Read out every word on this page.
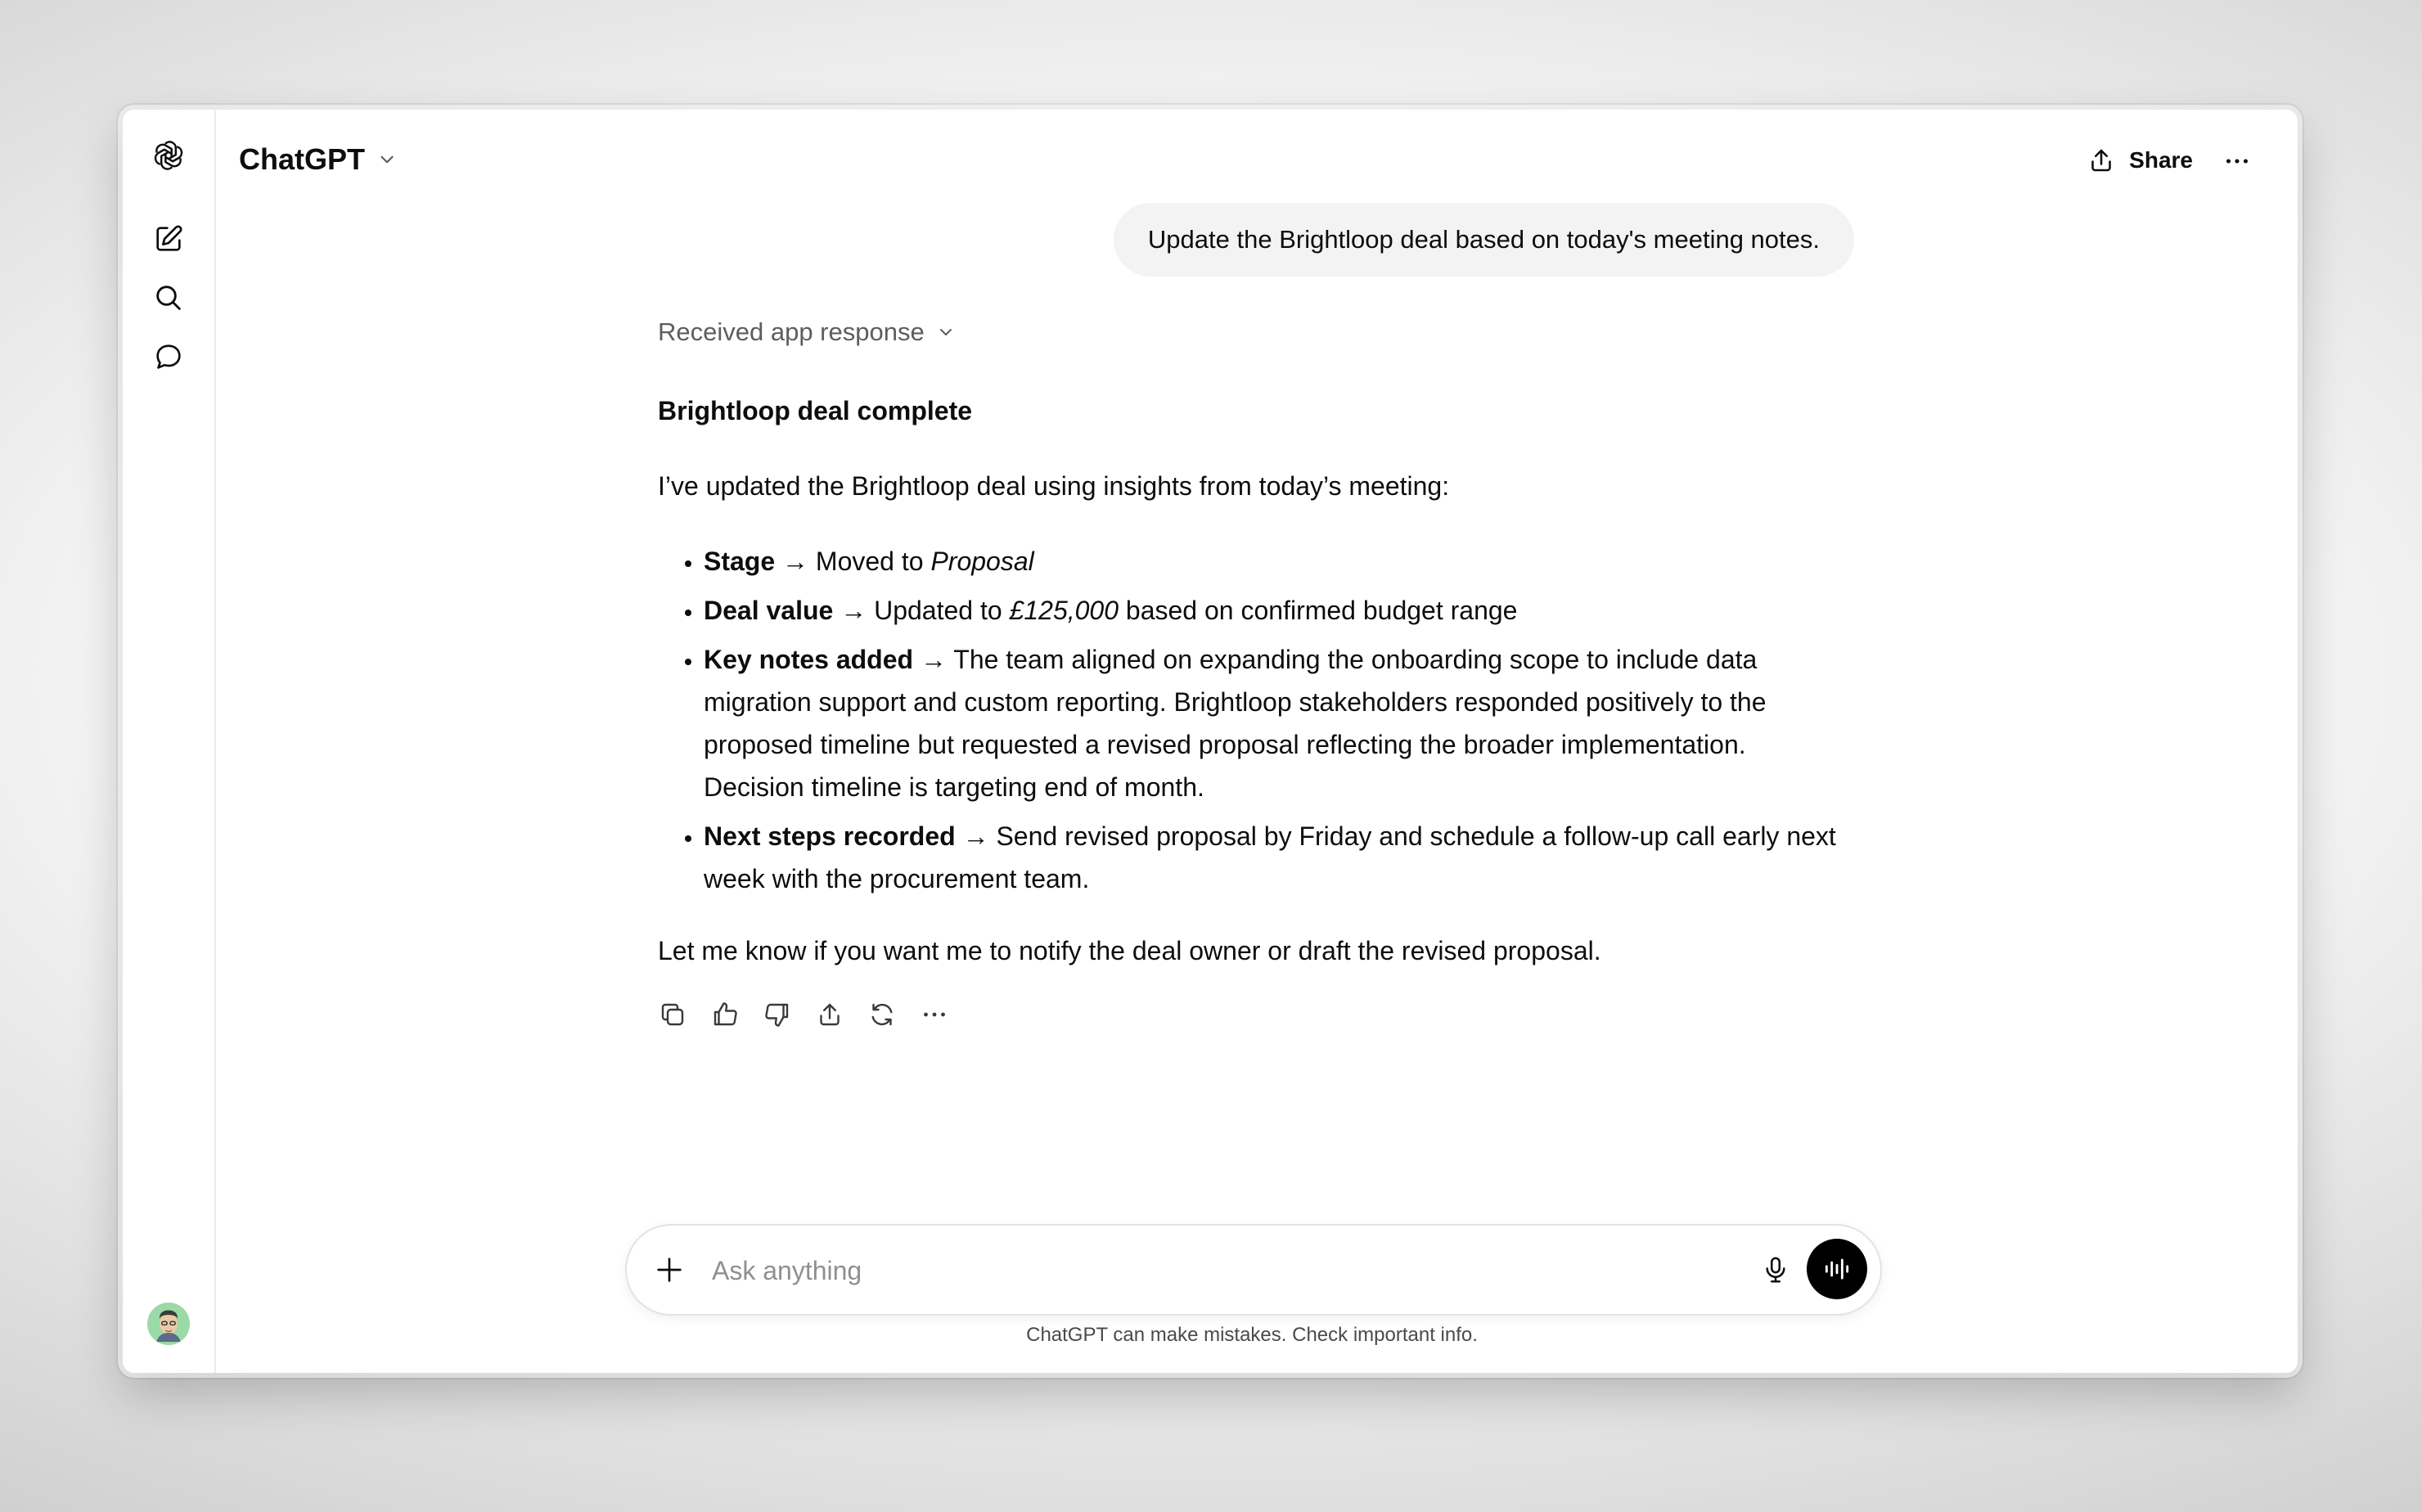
ChatGPT	Share
Update the Brightloop deal based on today's meeting notes.
Received app response

Brightloop deal complete

I’ve updated the Brightloop deal using insights from today’s meeting:

• Stage → Moved to Proposal
• Deal value → Updated to £125,000 based on confirmed budget range
• Key notes added → The team aligned on expanding the onboarding scope to include data migration support and custom reporting. Brightloop stakeholders responded positively to the proposed timeline but requested a revised proposal reflecting the broader implementation. Decision timeline is targeting end of month.
• Next steps recorded → Send revised proposal by Friday and schedule a follow-up call early next week with the procurement team.

Let me know if you want me to notify the deal owner or draft the revised proposal.

Ask anything
ChatGPT can make mistakes. Check important info.
